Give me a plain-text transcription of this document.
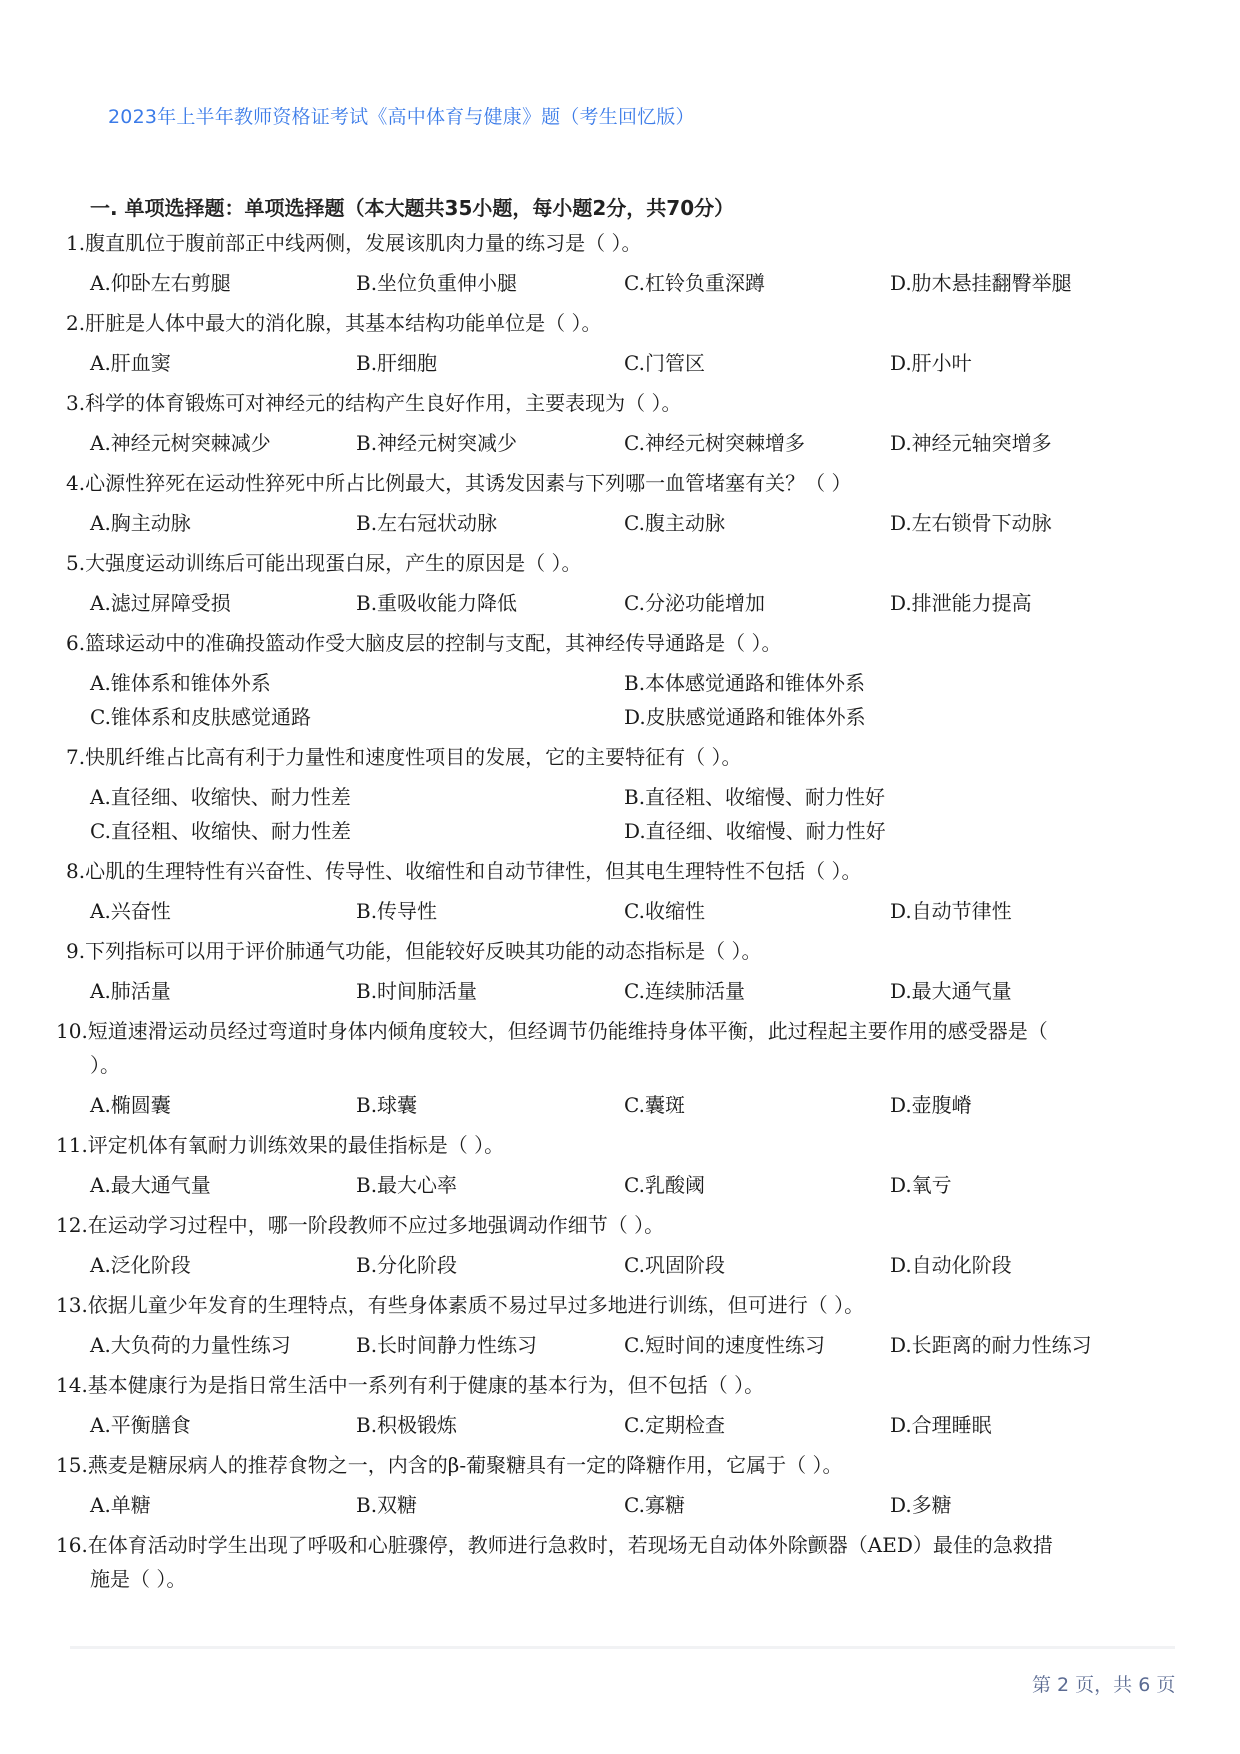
2023年上半年教师资格证考试《高中体育与健康》题（考生回忆版）
一. 单项选择题：单项选择题（本大题共35小题，每小题2分，共70分）
1.腹直肌位于腹前部正中线两侧，发展该肌肉力量的练习是（ ）。
A.仰卧左右剪腿	B.坐位负重伸小腿	C.杠铃负重深蹲	D.肋木悬挂翻臀举腿
2.肝脏是人体中最大的消化腺，其基本结构功能单位是（ ）。
A.肝血窦	B.肝细胞	C.门管区	D.肝小叶
3.科学的体育锻炼可对神经元的结构产生良好作用，主要表现为（ ）。
A.神经元树突棘减少	B.神经元树突减少	C.神经元树突棘增多	D.神经元轴突增多
4.心源性猝死在运动性猝死中所占比例最大，其诱发因素与下列哪一血管堵塞有关？（ ）
A.胸主动脉	B.左右冠状动脉	C.腹主动脉	D.左右锁骨下动脉
5.大强度运动训练后可能出现蛋白尿，产生的原因是（ ）。
A.滤过屏障受损	B.重吸收能力降低	C.分泌功能增加	D.排泄能力提高
6.篮球运动中的准确投篮动作受大脑皮层的控制与支配，其神经传导通路是（ ）。
A.锥体系和锥体外系	B.本体感觉通路和锥体外系
C.锥体系和皮肤感觉通路	D.皮肤感觉通路和锥体外系
7.快肌纤维占比高有利于力量性和速度性项目的发展，它的主要特征有（ ）。
A.直径细、收缩快、耐力性差	B.直径粗、收缩慢、耐力性好
C.直径粗、收缩快、耐力性差	D.直径细、收缩慢、耐力性好
8.心肌的生理特性有兴奋性、传导性、收缩性和自动节律性，但其电生理特性不包括（ ）。
A.兴奋性	B.传导性	C.收缩性	D.自动节律性
9.下列指标可以用于评价肺通气功能，但能较好反映其功能的动态指标是（ ）。
A.肺活量	B.时间肺活量	C.连续肺活量	D.最大通气量
10.短道速滑运动员经过弯道时身体内倾角度较大，但经调节仍能维持身体平衡，此过程起主要作用的感受器是（
）。
A.椭圆囊	B.球囊	C.囊斑	D.壶腹嵴
11.评定机体有氧耐力训练效果的最佳指标是（ ）。
A.最大通气量	B.最大心率	C.乳酸阈	D.氧亏
12.在运动学习过程中，哪一阶段教师不应过多地强调动作细节（ ）。
A.泛化阶段	B.分化阶段	C.巩固阶段	D.自动化阶段
13.依据儿童少年发育的生理特点，有些身体素质不易过早过多地进行训练，但可进行（ ）。
A.大负荷的力量性练习	B.长时间静力性练习	C.短时间的速度性练习	D.长距离的耐力性练习
14.基本健康行为是指日常生活中一系列有利于健康的基本行为，但不包括（ ）。
A.平衡膳食	B.积极锻炼	C.定期检查	D.合理睡眠
15.燕麦是糖尿病人的推荐食物之一，内含的β-葡聚糖具有一定的降糖作用，它属于（ ）。
A.单糖	B.双糖	C.寡糖	D.多糖
16.在体育活动时学生出现了呼吸和心脏骤停，教师进行急救时，若现场无自动体外除颤器（AED）最佳的急救措
施是（ ）。
第 2 页，共 6 页
